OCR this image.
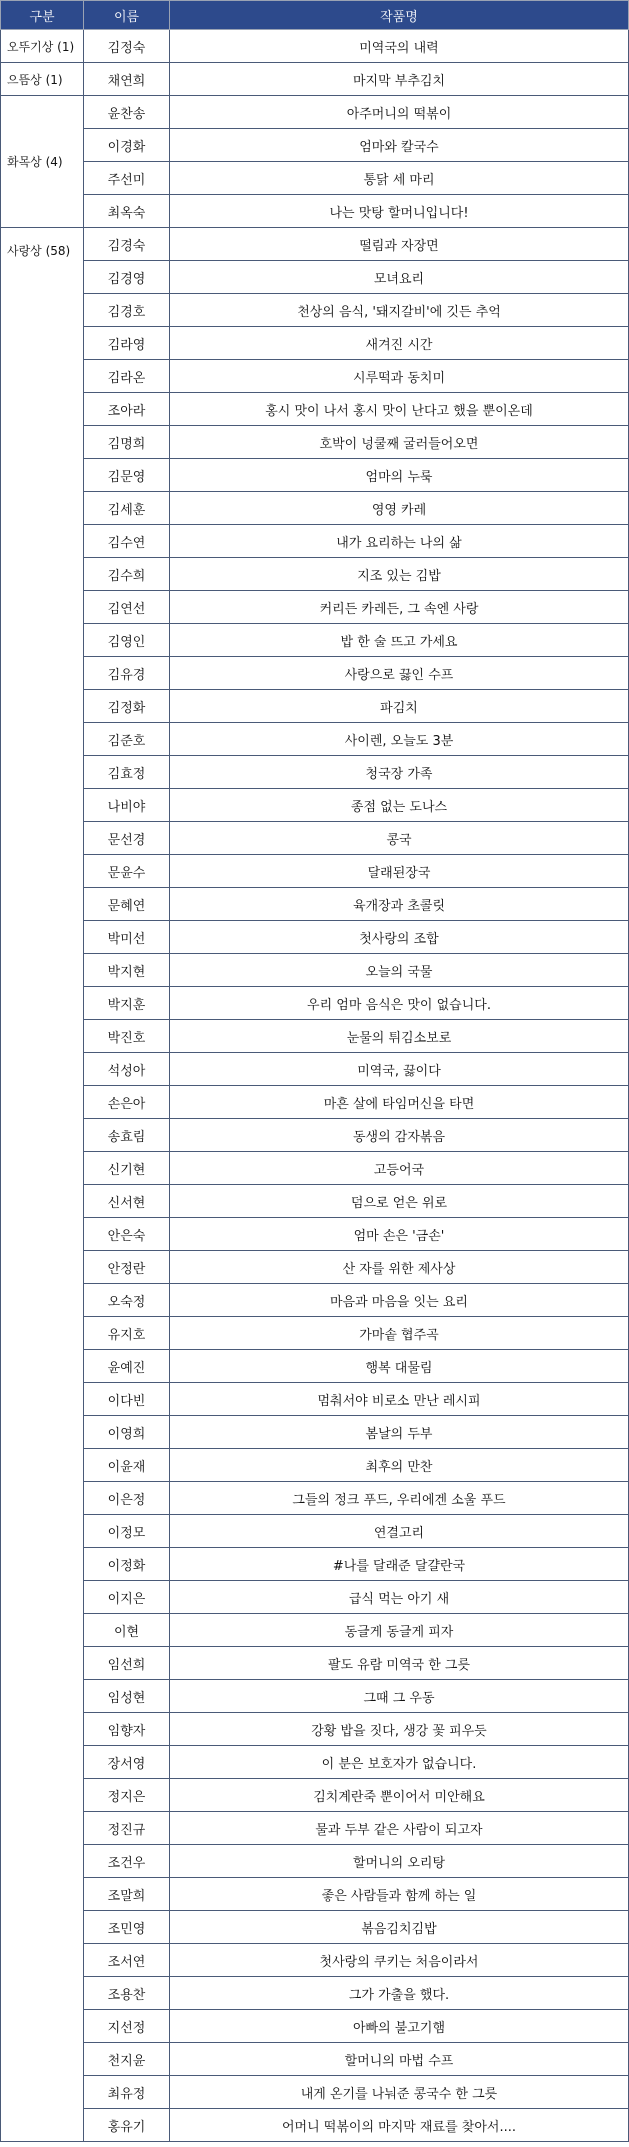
구분	이름	작품명
오뚜기상 (1)	김정숙	미역국의 내력
으뜸상 (1)	채연희	마지막 부추김치
화목상 (4)	윤찬송	아주머니의 떡볶이
	이경화	엄마와 칼국수
	주선미	통닭 세 마리
	최옥숙	나는 맛탕 할머니입니다!
사랑상 (58)	김경숙	떨림과 자장면
	김경영	모녀요리
	김경호	천상의 음식, '돼지갈비'에 깃든 추억
	김라영	새겨진 시간
	김라온	시루떡과 동치미
	조아라	홍시 맛이 나서 홍시 맛이 난다고 했을 뿐이온데
	김명희	호박이 넝쿨째 굴러들어오면
	김문영	엄마의 누룩
	김세훈	영영 카레
	김수연	내가 요리하는 나의 삶
	김수희	지조 있는 김밥
	김연선	커리든 카레든, 그 속엔 사랑
	김영인	밥 한 술 뜨고 가세요
	김유경	사랑으로 끓인 수프
	김정화	파김치
	김준호	사이렌, 오늘도 3분
	김효정	청국장 가족
	나비야	종점 없는 도나스
	문선경	콩국
	문윤수	달래된장국
	문혜연	육개장과 초콜릿
	박미선	첫사랑의 조합
	박지현	오늘의 국물
	박지훈	우리 엄마 음식은 맛이 없습니다.
	박진호	눈물의 튀김소보로
	석성아	미역국, 끓이다
	손은아	마흔 살에 타임머신을 타면
	송효림	동생의 감자볶음
	신기현	고등어국
	신서현	덤으로 얻은 위로
	안은숙	엄마 손은 '금손'
	안정란	산 자를 위한 제사상
	오숙정	마음과 마음을 잇는 요리
	유지호	가마솥 협주곡
	윤예진	행복 대물림
	이다빈	멈춰서야 비로소 만난 레시피
	이영희	봄날의 두부
	이윤재	최후의 만찬
	이은정	그들의 정크 푸드, 우리에겐 소울 푸드
	이정모	연결고리
	이정화	#나를 달래준 달걀란국
	이지은	급식 먹는 아기 새
	이현	동글게 동글게 피자
	임선희	팔도 유람 미역국 한 그릇
	임성현	그때 그 우동
	임향자	강황 밥을 짓다, 생강 꽃 피우듯
	장서영	이 분은 보호자가 없습니다.
	정지은	김치계란죽 뿐이어서 미안해요
	정진규	물과 두부 같은 사람이 되고자
	조건우	할머니의 오리탕
	조말희	좋은 사람들과 함께 하는 일
	조민영	볶음김치김밥
	조서연	첫사랑의 쿠키는 처음이라서
	조용찬	그가 가출을 했다.
	지선정	아빠의 불고기햄
	천지윤	할머니의 마법 수프
	최유정	내게 온기를 나눠준 콩국수 한 그릇
	홍유기	어머니 떡볶이의 마지막 재료를 찾아서....
